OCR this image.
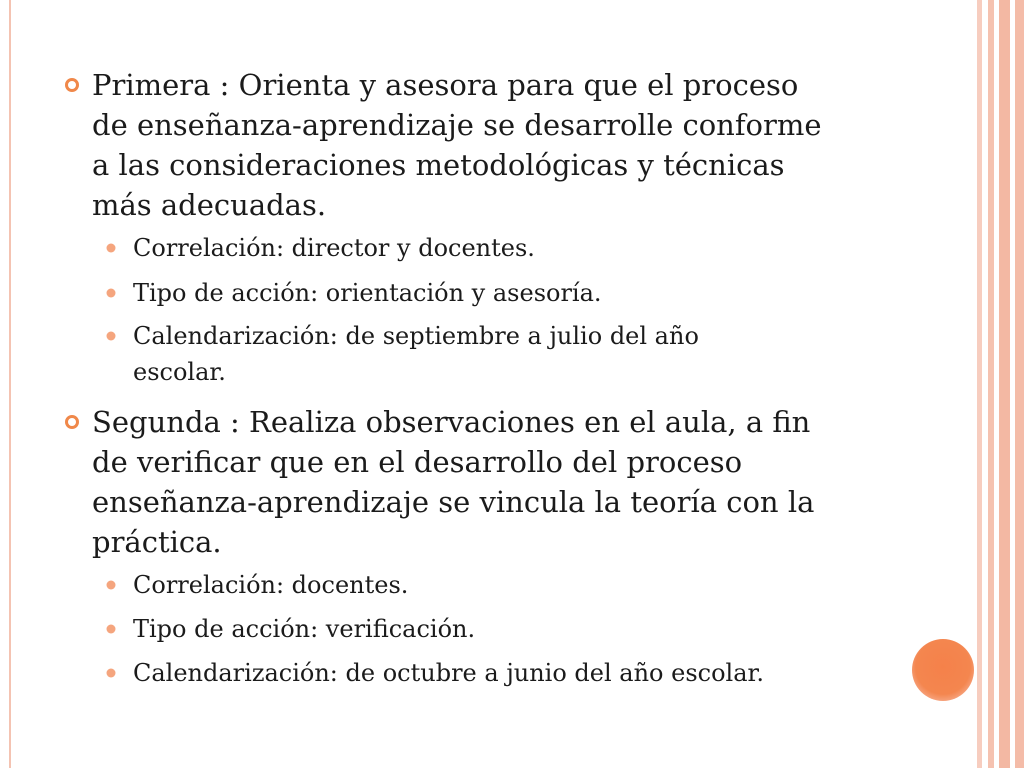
Primera : Orienta y asesora para que el proceso
de enseñanza-aprendizaje se desarrolle conforme
a las consideraciones metodológicas y técnicas
más adecuadas.
Correlación: director y docentes.
Tipo de acción: orientación y asesoría.
Calendarización: de septiembre a julio del año
escolar.
Segunda : Realiza observaciones en el aula, a fin
de verificar que en el desarrollo del proceso
enseñanza-aprendizaje se vincula la teoría con la
práctica.
Correlación: docentes.
Tipo de acción: verificación.
Calendarización: de octubre a junio del año escolar.
